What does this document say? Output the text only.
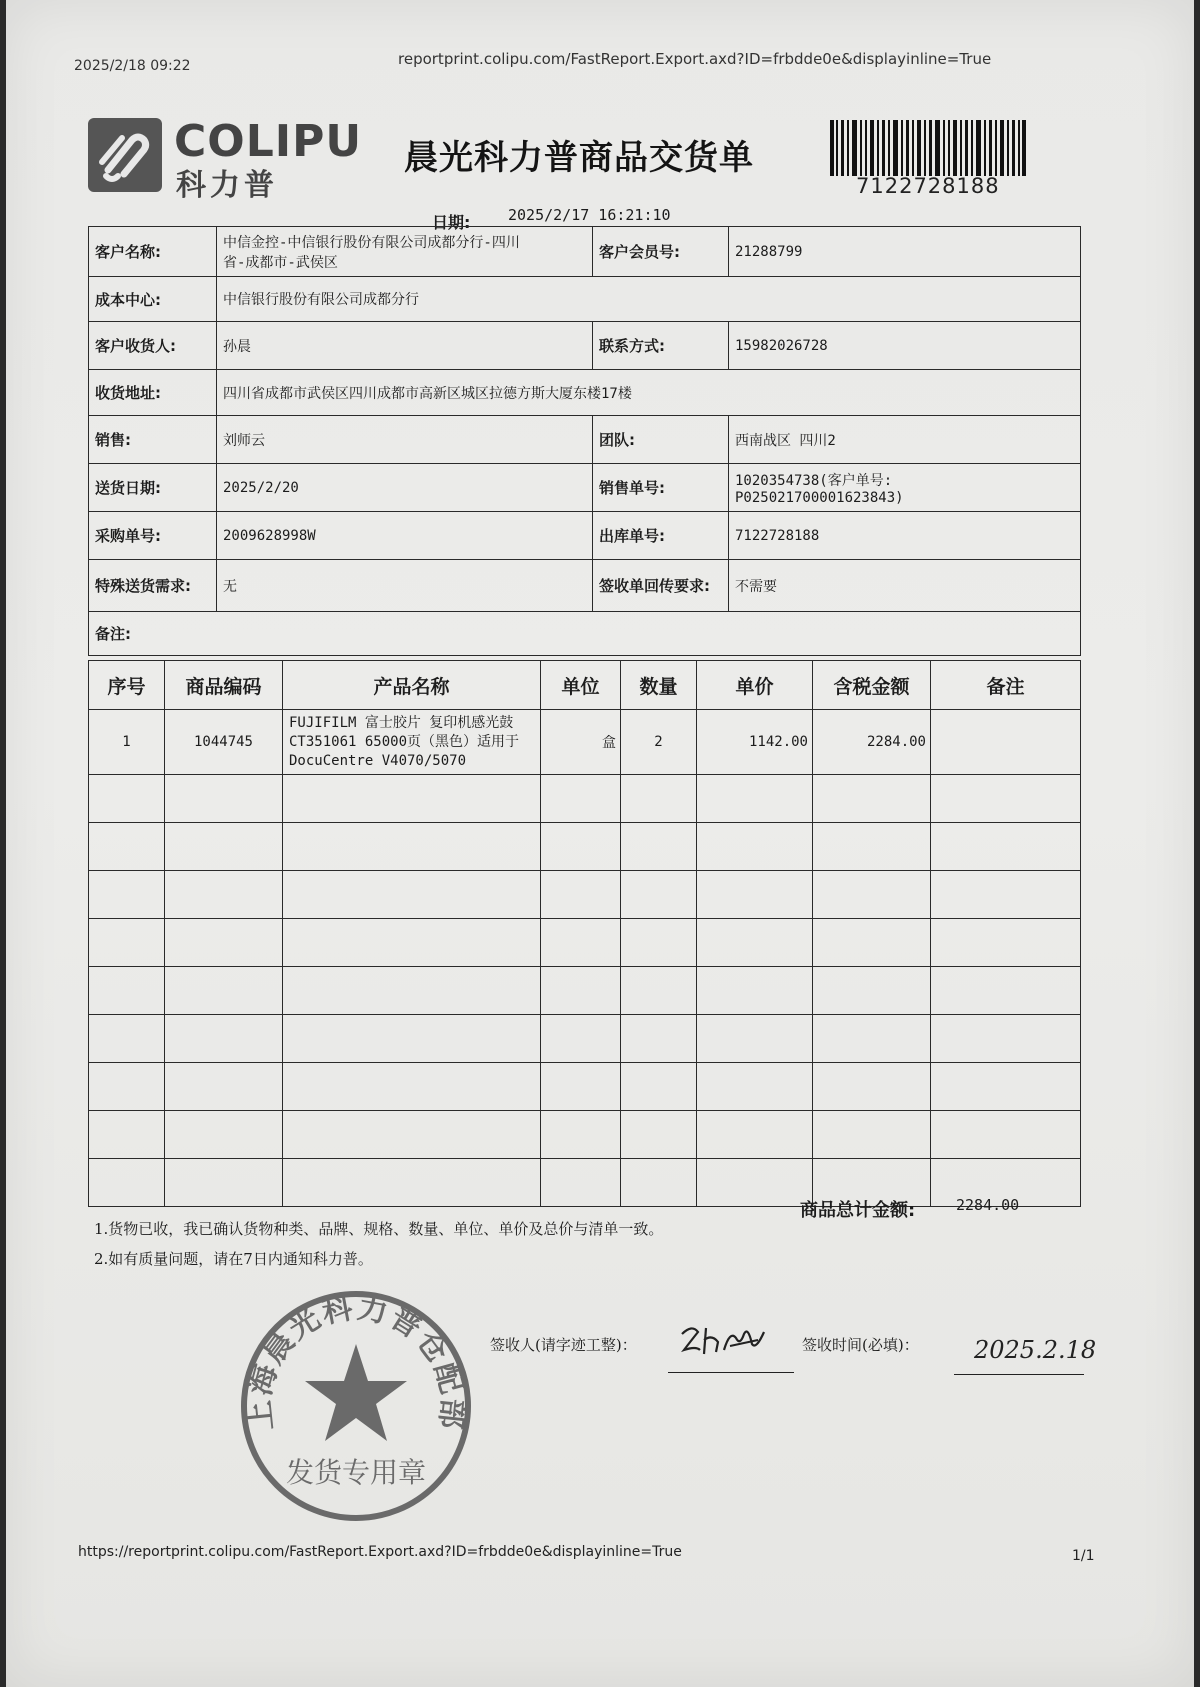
2025/2/18 09:22	reportprint.colipu.com/FastReport.Export.axd?ID=frbdde0e&displayinline=True
COLIPU
科力普
晨光科力普商品交货单
7122728188
日期:	2025/2/17 16:21:10
客户名称:	中信金控-中信银行股份有限公司成都分行-四川
省-成都市-武侯区	客户会员号:	21288799
成本中心:	中信银行股份有限公司成都分行		
客户收货人:	孙晨	联系方式:	15982026728
收货地址:	四川省成都市武侯区四川成都市高新区城区拉德方斯大厦东楼17楼		
销售:	刘师云	团队:	西南战区 四川2
送货日期:	2025/2/20	销售单号:	1020354738(客户单号:
P025021700001623843)

采购单号:	2009628998W	出库单号:	7122728188
特殊送货需求:	无	签收单回传要求:	不需要
备注:			
序号	商品编码	产品名称	单位	数量	单价	含税金额	备注
1	1044745	FUJIFILM 富士胶片 复印机感光鼓
CT351061 65000页（黑色）适用于
DocuCentre V4070/5070	盒	2	1142.00	2284.00	

商品总计金额:	2284.00
1.货物已收，我已确认货物种类、品牌、规格、数量、单位、单价及总价与清单一致。
2.如有质量问题，请在7日内通知科力普。
签收人(请字迹工整)：	签收时间(必填)： 2025.2.18
上海晨光科力普仓配部
发货专用章
https://reportprint.colipu.com/FastReport.Export.axd?ID=frbdde0e&displayinline=True	1/1
